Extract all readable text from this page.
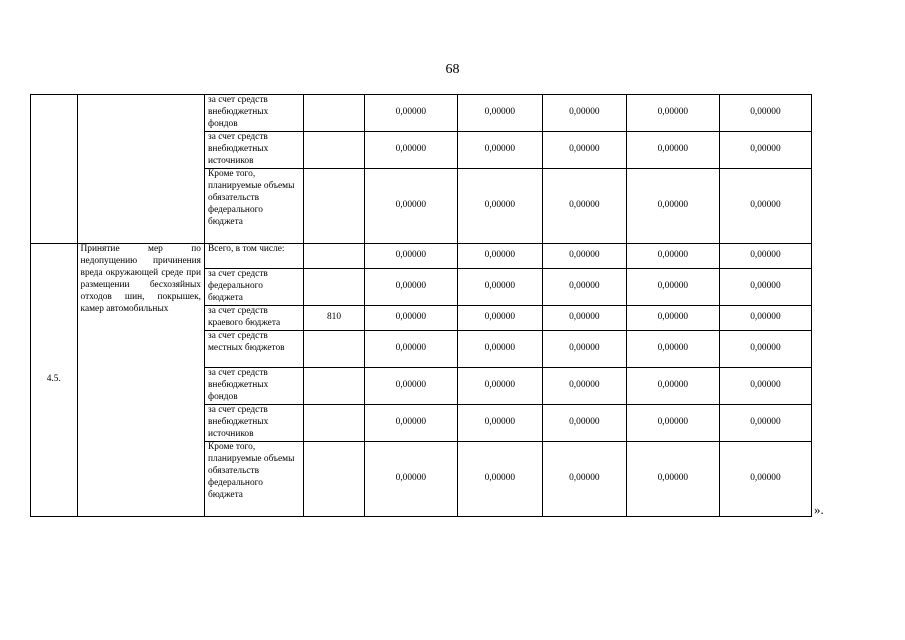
68
		за счет средств внебюджетных фондов		0,00000	0,00000	0,00000	0,00000	0,00000
		за счет средств внебюджетных источников		0,00000	0,00000	0,00000	0,00000	0,00000
		Кроме того, планируемые объемы обязательств федерального бюджета		0,00000	0,00000	0,00000	0,00000	0,00000
4.5.	Принятие мер по недопущению причинения вреда окружающей среде при размещении бесхозяйных отходов шин, покрышек, камер автомобильных	Всего, в том числе:		0,00000	0,00000	0,00000	0,00000	0,00000
		за счет средств федерального бюджета		0,00000	0,00000	0,00000	0,00000	0,00000
		за счет средств краевого бюджета	810	0,00000	0,00000	0,00000	0,00000	0,00000
		за счет средств местных бюджетов		0,00000	0,00000	0,00000	0,00000	0,00000
		за счет средств внебюджетных фондов		0,00000	0,00000	0,00000	0,00000	0,00000
		за счет средств внебюджетных источников		0,00000	0,00000	0,00000	0,00000	0,00000
		Кроме того, планируемые объемы обязательств федерального бюджета		0,00000	0,00000	0,00000	0,00000	0,00000
».
